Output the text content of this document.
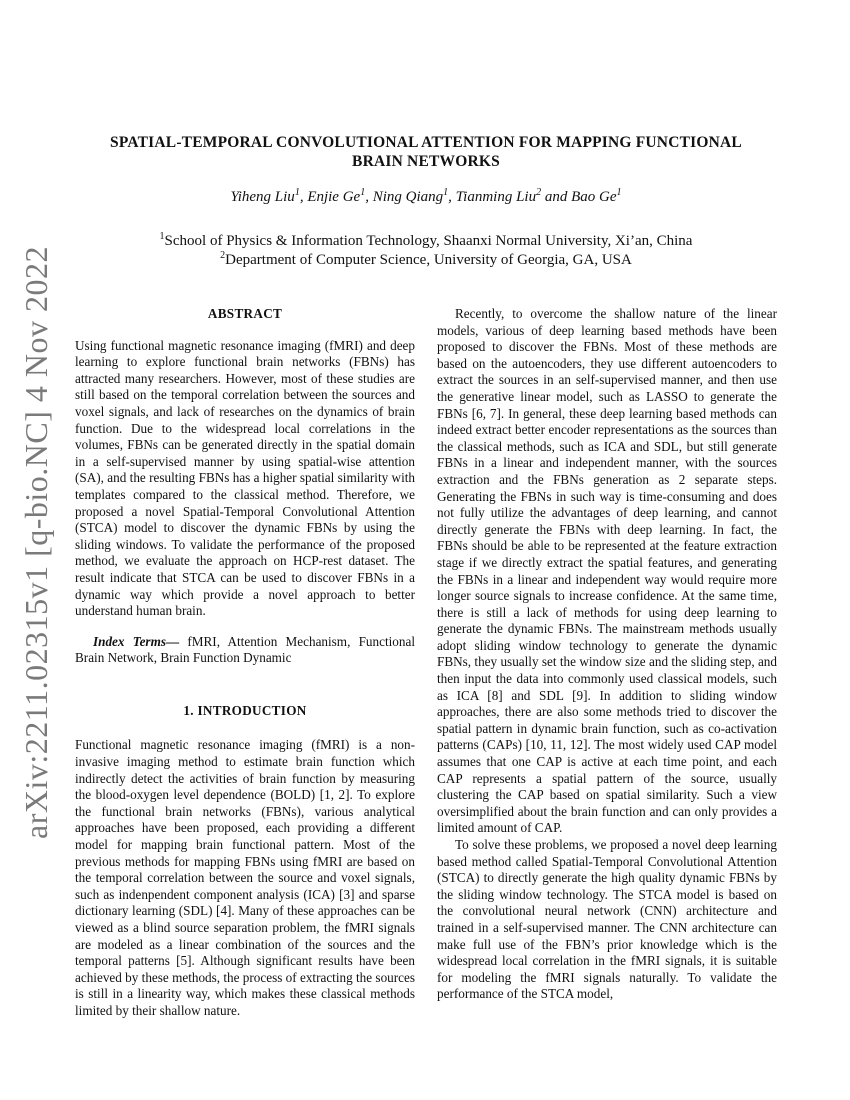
arXiv:2211.02315v1 [q-bio.NC] 4 Nov 2022
SPATIAL-TEMPORAL CONVOLUTIONAL ATTENTION FOR MAPPING FUNCTIONAL
BRAIN NETWORKS
Yiheng Liu$^1$, Enjie Ge$^1$, Ning Qiang$^1$, Tianming Liu$^2$ and Bao Ge$^1$
$^1$School of Physics & Information Technology, Shaanxi Normal University, Xi’an, China
$^2$Department of Computer Science, University of Georgia, GA, USA
ABSTRACT

Using functional magnetic resonance imaging (fMRI) and deep learning to explore functional brain networks (FBNs) has attracted many researchers. However, most of these studies are still based on the temporal correlation between the sources and voxel signals, and lack of researches on the dynamics of brain function. Due to the widespread local correlations in the volumes, FBNs can be generated directly in the spatial domain in a self-supervised manner by using spatial-wise attention (SA), and the resulting FBNs has a higher spatial similarity with templates compared to the classical method. Therefore, we proposed a novel Spatial-Temporal Convolutional Attention (STCA) model to discover the dynamic FBNs by using the sliding windows. To validate the performance of the proposed method, we evaluate the approach on HCP-rest dataset. The result indicate that STCA can be used to discover FBNs in a dynamic way which provide a novel approach to better understand human brain.

Index Terms— fMRI, Attention Mechanism, Functional Brain Network, Brain Function Dynamic

1. INTRODUCTION

Functional magnetic resonance imaging (fMRI) is a non-invasive imaging method to estimate brain function which indirectly detect the activities of brain function by measuring the blood-oxygen level dependence (BOLD) [1, 2]. To explore the functional brain networks (FBNs), various analytical approaches have been proposed, each providing a different model for mapping brain functional pattern. Most of the previous methods for mapping FBNs using fMRI are based on the temporal correlation between the source and voxel signals, such as indenpendent component analysis (ICA) [3] and sparse dictionary learning (SDL) [4]. Many of these approaches can be viewed as a blind source separation problem, the fMRI signals are modeled as a linear combination of the sources and the temporal patterns [5]. Although significant results have been achieved by these methods, the process of extracting the sources is still in a linearity way, which makes these classical methods limited by their shallow nature.

Recently, to overcome the shallow nature of the linear models, various of deep learning based methods have been proposed to discover the FBNs. Most of these methods are based on the autoencoders, they use different autoencoders to extract the sources in an self-supervised manner, and then use the generative linear model, such as LASSO to generate the FBNs [6, 7]. In general, these deep learning based methods can indeed extract better encoder representations as the sources than the classical methods, such as ICA and SDL, but still generate FBNs in a linear and independent manner, with the sources extraction and the FBNs generation as 2 separate steps. Generating the FBNs in such way is time-consuming and does not fully utilize the advantages of deep learning, and cannot directly generate the FBNs with deep learning. In fact, the FBNs should be able to be represented at the feature extraction stage if we directly extract the spatial features, and generating the FBNs in a linear and independent way would require more longer source signals to increase confidence. At the same time, there is still a lack of methods for using deep learning to generate the dynamic FBNs. The mainstream methods usually adopt sliding window technology to generate the dynamic FBNs, they usually set the window size and the sliding step, and then input the data into commonly used classical models, such as ICA [8] and SDL [9]. In addition to sliding window approaches, there are also some methods tried to discover the spatial pattern in dynamic brain function, such as co-activation patterns (CAPs) [10, 11, 12]. The most widely used CAP model assumes that one CAP is active at each time point, and each CAP represents a spatial pattern of the source, usually clustering the CAP based on spatial similarity. Such a view oversimplified about the brain function and can only provides a limited amount of CAP.

To solve these problems, we proposed a novel deep learning based method called Spatial-Temporal Convolutional Attention (STCA) to directly generate the high quality dynamic FBNs by the sliding window technology. The STCA model is based on the convolutional neural network (CNN) architecture and trained in a self-supervised manner. The CNN architecture can make full use of the FBN’s prior knowledge which is the widespread local correlation in the fMRI signals, it is suitable for modeling the fMRI signals naturally. To validate the performance of the STCA model,
